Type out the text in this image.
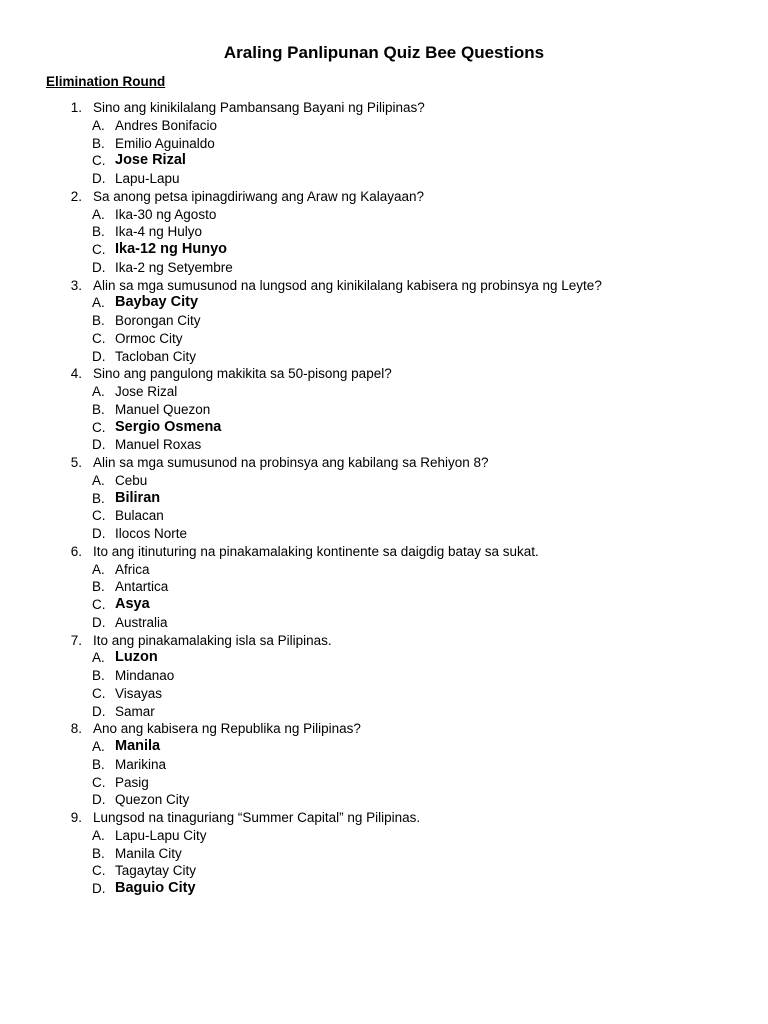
Araling Panlipunan Quiz Bee Questions
Elimination Round
1. Sino ang kinikilalang Pambansang Bayani ng Pilipinas?
A. Andres Bonifacio
B. Emilio Aguinaldo
C. Jose Rizal
D. Lapu-Lapu
2. Sa anong petsa ipinagdiriwang ang Araw ng Kalayaan?
A. Ika-30 ng Agosto
B. Ika-4 ng Hulyo
C. Ika-12 ng Hunyo
D. Ika-2 ng Setyembre
3. Alin sa mga sumusunod na lungsod ang kinikilalang kabisera ng probinsya ng Leyte?
A. Baybay City
B. Borongan City
C. Ormoc City
D. Tacloban City
4. Sino ang pangulong makikita sa 50-pisong papel?
A. Jose Rizal
B. Manuel Quezon
C. Sergio Osmena
D. Manuel Roxas
5. Alin sa mga sumusunod na probinsya ang kabilang sa Rehiyon 8?
A. Cebu
B. Biliran
C. Bulacan
D. Ilocos Norte
6. Ito ang itinuturing na pinakamalaking kontinente sa daigdig batay sa sukat.
A. Africa
B. Antartica
C. Asya
D. Australia
7. Ito ang pinakamalaking isla sa Pilipinas.
A. Luzon
B. Mindanao
C. Visayas
D. Samar
8. Ano ang kabisera ng Republika ng Pilipinas?
A. Manila
B. Marikina
C. Pasig
D. Quezon City
9. Lungsod na tinaguriang “Summer Capital” ng Pilipinas.
A. Lapu-Lapu City
B. Manila City
C. Tagaytay City
D. Baguio City
